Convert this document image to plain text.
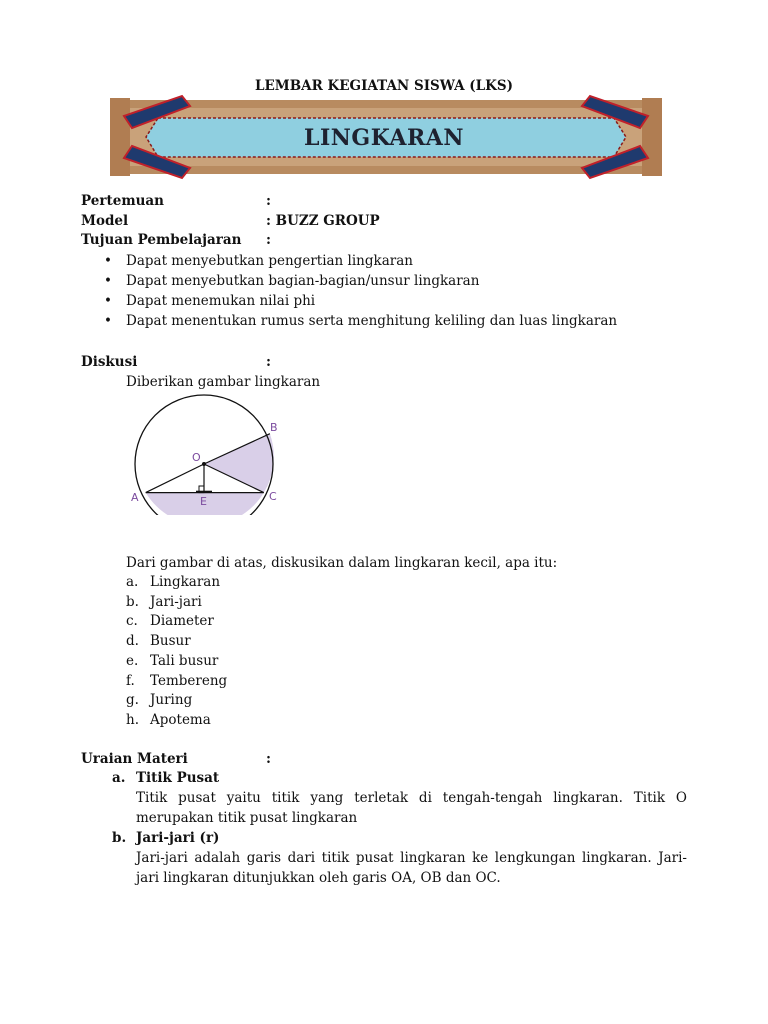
LEMBAR KEGIATAN SISWA (LKS)
LINGKARAN
Pertemuan	:
Model	: BUZZ GROUP
Tujuan Pembelajaran :
• Dapat menyebutkan pengertian lingkaran
• Dapat menyebutkan bagian-bagian/unsur lingkaran
• Dapat menemukan nilai phi
• Dapat menentukan rumus serta menghitung keliling dan luas lingkaran
Diskusi	:
Diberikan gambar lingkaran
O
A
B
C
E
Dari gambar di atas, diskusikan dalam lingkaran kecil, apa itu:
a. Lingkaran
b. Jari-jari
c. Diameter
d. Busur
e. Tali busur
f. Tembereng
g. Juring
h. Apotema
Uraian Materi	:
a. Titik Pusat
Titik pusat yaitu titik yang terletak di tengah-tengah lingkaran. Titik O merupakan titik pusat lingkaran
b. Jari-jari (r)
Jari-jari adalah garis dari titik pusat lingkaran ke lengkungan lingkaran. Jari-jari lingkaran ditunjukkan oleh garis OA, OB dan OC.
